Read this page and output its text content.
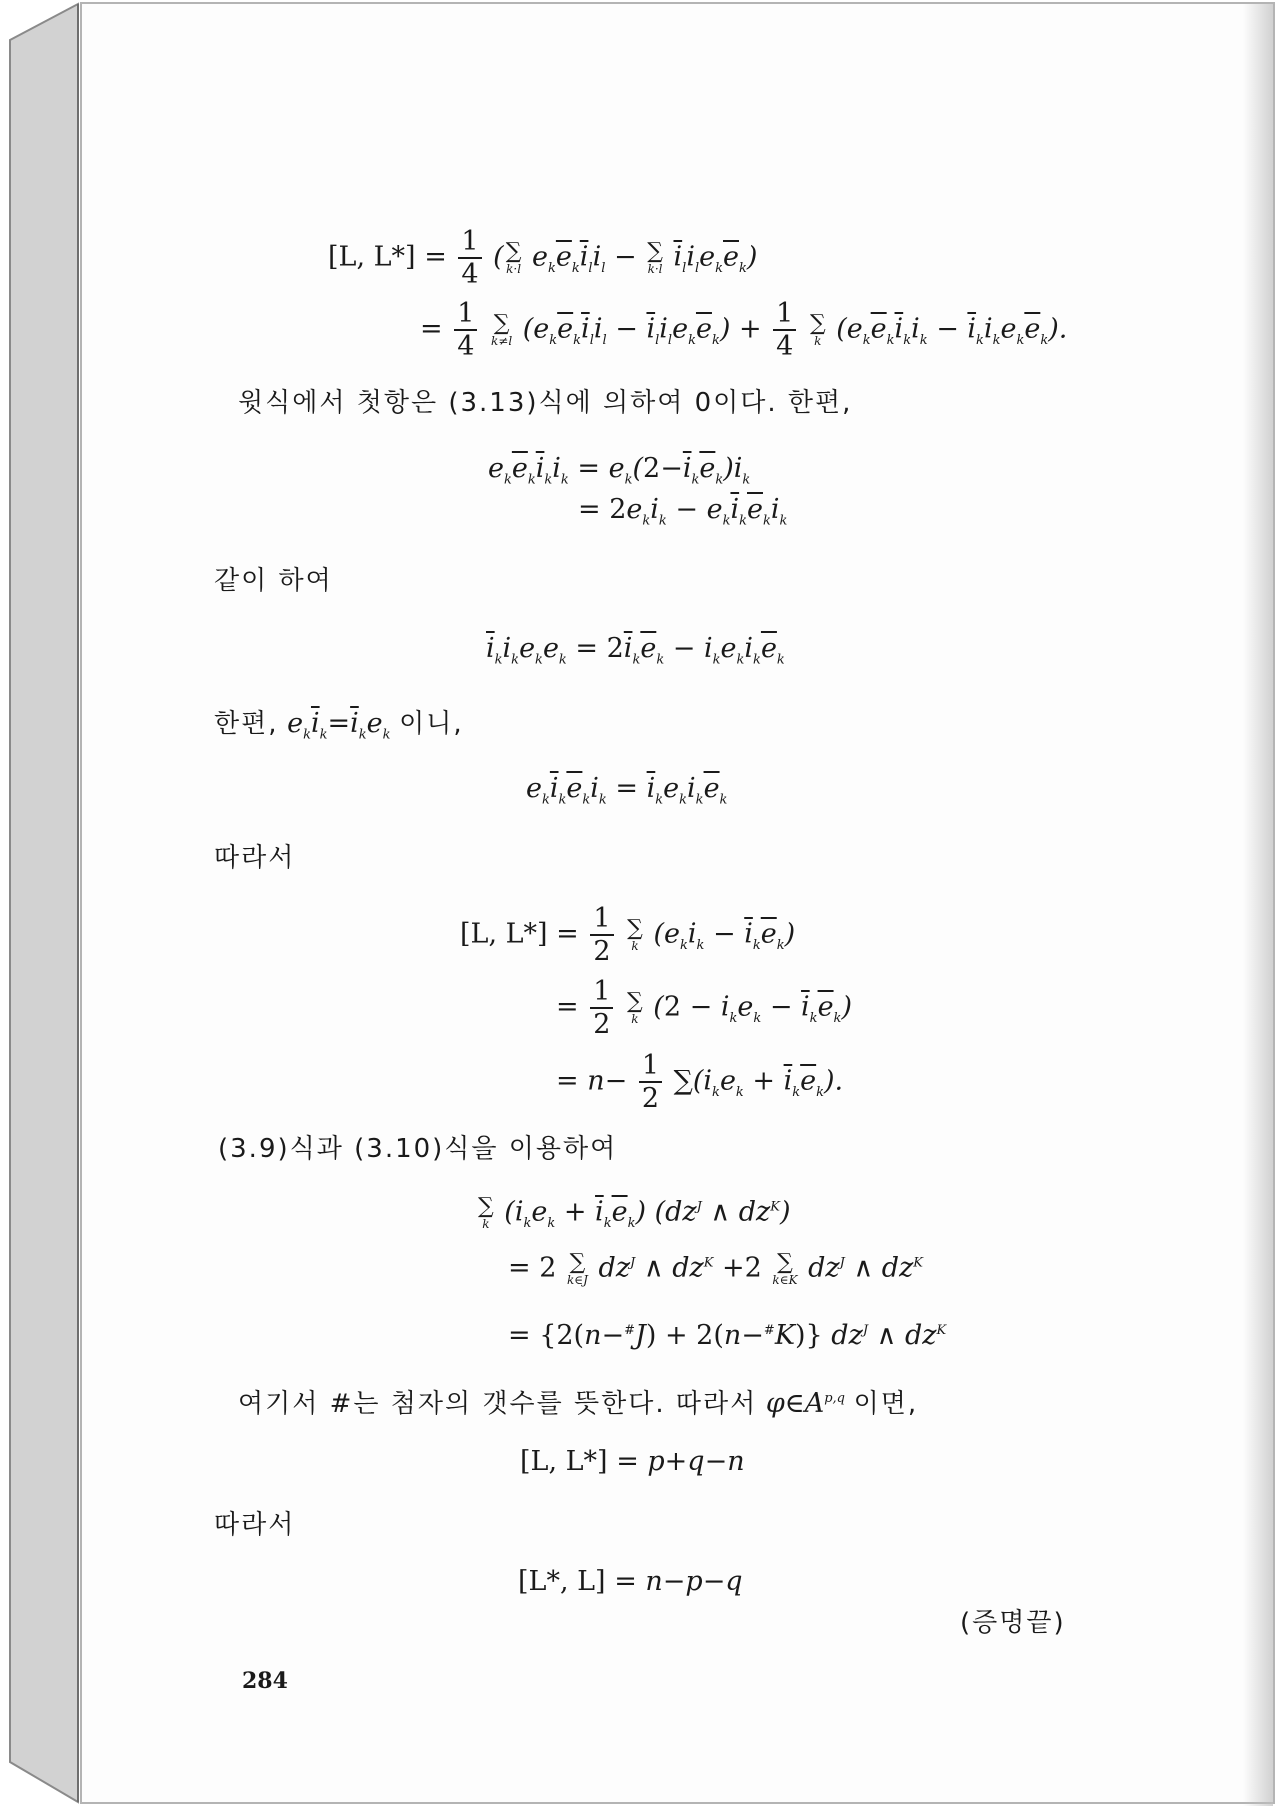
[L, $L*] = \frac{1}{4}$ ( ∑
k·l $e_k\overline{e}_k\overline{i}_li_l$ − ∑
k·l $\overline{i}_li_le_k\overline{e}_k$)
= $\frac{1}{4}$
∑
k≠l $(e_k\overline{e}_k\overline{i}_li_l - \overline{i}_li_le_k\overline{e}_k) + \frac{1}{4}$
∑
k $(e_k\overline{e}_k\overline{i}_ki_k - \overline{i}_ki_ke_k\overline{e}_k)$.
윗식에서 첫항은 (3.13)식에 의하여 0이다. 한편,
$e_k\overline{e}_k\overline{i}_ki_k = e_k(2-\overline{i}_k\overline{e}_k)i_k$
= $2e_ki_k - e_k\overline{i}_k\overline{e}_ki_k$
같이 하여
$\overline{i}_ki_ke_ke_k = 2\overline{i}_k\overline{e}_k - i_ke_ki_k\overline{e}_k$
한편, $e_k\overline{i}_k=\overline{i}_ke_k$ 이니,
$e_k\overline{i}_k\overline{e}_ki_k = \overline{i}_ke_ki_k\overline{e}_k$
따라서
[L, $L*] = \frac{1}{2}$
∑
k $(e_ki_k - \overline{i}_k\overline{e}_k)$
= $\frac{1}{2}$
∑
k $(2 - i_ke_k - \overline{i}_k\overline{e}_k)$
= $n- \frac{1}{2} \sum(i_ke_k + \overline{i}_k\overline{e}_k)$.
(3.9)식과 (3.10)식을 이용하여
∑
k $(i_ke_k + \overline{i}_k\overline{e}_k)$ ($dz^J$ ∧ $dz^K$)
= 2 ∑
k∈J $dz^J$ ∧ $dz^K +2$ ∑
k∈K $dz^J$ ∧ $dz^K$
= {2(n−#J) + 2(n−#K)} $dz^J$ ∧ $dz^K$
여기서 #는 첨자의 갯수를 뜻한다. 따라서 $\varphi\in A^{p,q}$ 이면,
[L, L*] = p+q−n
따라서
[L*, L] = n−p−q
(증명끝)
284
